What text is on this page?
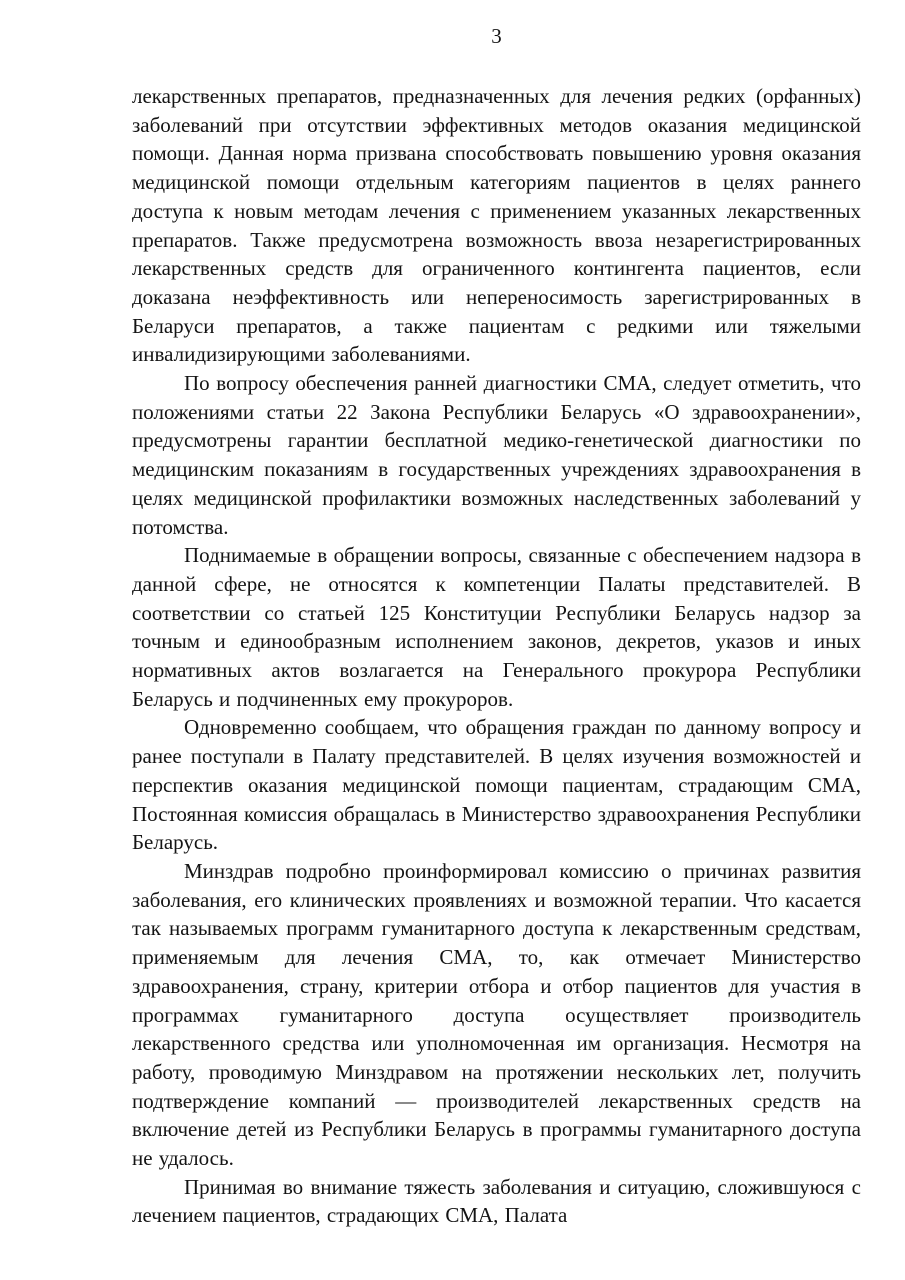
3

лекарственных препаратов, предназначенных для лечения редких (орфанных) заболеваний при отсутствии эффективных методов оказания медицинской помощи. Данная норма призвана способствовать повышению уровня оказания медицинской помощи отдельным категориям пациентов в целях раннего доступа к новым методам лечения с применением указанных лекарственных препаратов. Также предусмотрена возможность ввоза незарегистрированных лекарственных средств для ограниченного контингента пациентов, если доказана неэффективность или непереносимость зарегистрированных в Беларуси препаратов, а также пациентам с редкими или тяжелыми инвалидизирующими заболеваниями.

По вопросу обеспечения ранней диагностики СМА, следует отметить, что положениями статьи 22 Закона Республики Беларусь «О здравоохранении», предусмотрены гарантии бесплатной медико-генетической диагностики по медицинским показаниям в государственных учреждениях здравоохранения в целях медицинской профилактики возможных наследственных заболеваний у потомства.

Поднимаемые в обращении вопросы, связанные с обеспечением надзора в данной сфере, не относятся к компетенции Палаты представителей. В соответствии со статьей 125 Конституции Республики Беларусь надзор за точным и единообразным исполнением законов, декретов, указов и иных нормативных актов возлагается на Генерального прокурора Республики Беларусь и подчиненных ему прокуроров.

Одновременно сообщаем, что обращения граждан по данному вопросу и ранее поступали в Палату представителей. В целях изучения возможностей и перспектив оказания медицинской помощи пациентам, страдающим СМА, Постоянная комиссия обращалась в Министерство здравоохранения Республики Беларусь.

Минздрав подробно проинформировал комиссию о причинах развития заболевания, его клинических проявлениях и возможной терапии. Что касается так называемых программ гуманитарного доступа к лекарственным средствам, применяемым для лечения СМА, то, как отмечает Министерство здравоохранения, страну, критерии отбора и отбор пациентов для участия в программах гуманитарного доступа осуществляет производитель лекарственного средства или уполномоченная им организация. Несмотря на работу, проводимую Минздравом на протяжении нескольких лет, получить подтверждение компаний — производителей лекарственных средств на включение детей из Республики Беларусь в программы гуманитарного доступа не удалось.

Принимая во внимание тяжесть заболевания и ситуацию, сложившуюся с лечением пациентов, страдающих СМА, Палата
